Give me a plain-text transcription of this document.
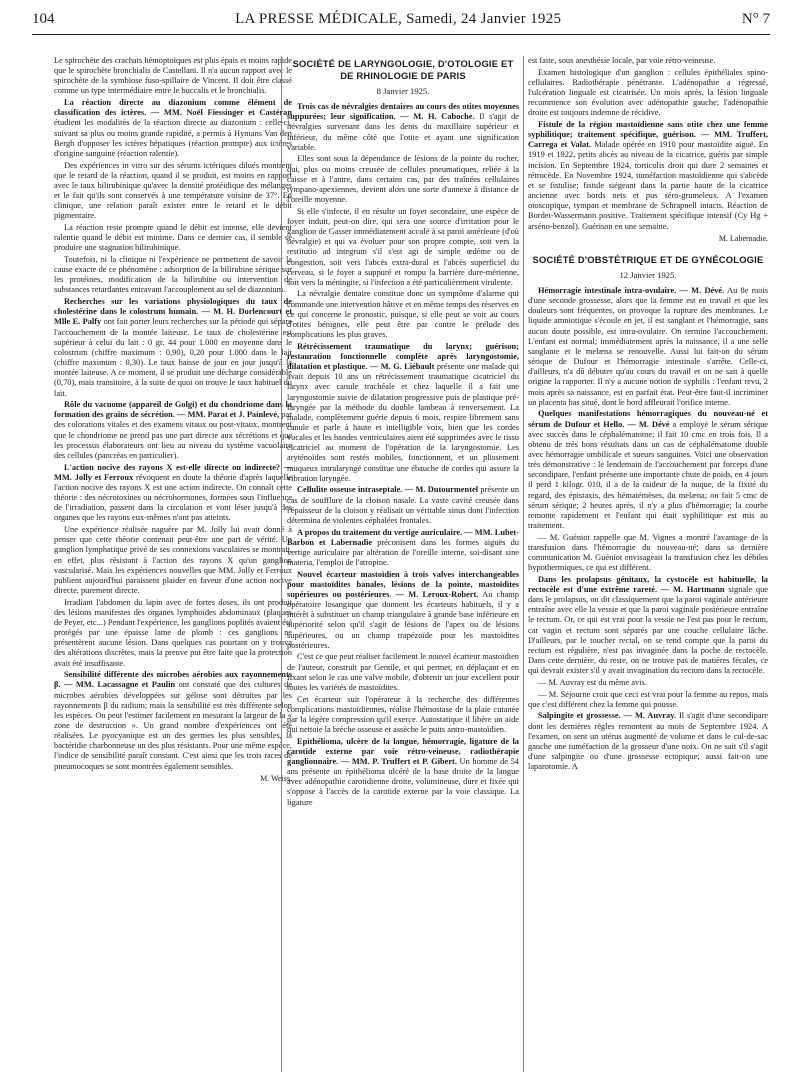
104	LA PRESSE MÉDICALE, Samedi, 24 Janvier 1925	N° 7

Le spirochète des crachats hémoptoïques est plus épais et moins rapide que le spirochète bronchialis de Castellani. Il n'a aucun rapport avec le spirochète de la symbiose fuso-spillaire de Vincent. Il doit être classé comme un type intermédiaire entre le buccalis et le bronchialis.

La réaction directe au diazonium comme élément de classification des ictères. — MM. Noël Fiessinger et Castéran étudient les modalités de la réaction directe au diazonium : celle-ci, suivant sa plus ou moins grande rapidité, a permis à Hymans Van den Bergh d'opposer les ictères hépatiques (réaction prompte) aux ictères d'origine sanguine (réaction ralentie).

Des expériences in vitro sur des sérums ictériques dilués montrent que le retard de la réaction, quand il se produit, est moins en rapport avec le taux bilirubinique qu'avec la densité protéidique des mélanges et le fait qu'ils sont conservés à une température voisine de 37°. En clinique, une relation paraît exister entre le retard et le débit pigmentaire.

La réaction reste prompte quand le débit est intense, elle devient ralentie quand le débit est minime. Dans ce dernier cas, il semble se produire une stagnation bilirubinique.

Toutefois, ni la clinique ni l'expérience ne permettent de savoir la cause exacte de ce phénomène : adsorption de la bilirubine sérique sur les protéines, modification de la bilirubine ou intervention de substances retardantes entravant l'accouplement au sel de diazonium.

Recherches sur les variations physiologiques du taux de cholestérine dans le colostrum humain. — M. H. Dorlencourt et Mlle E. Palfy ont fait porter leurs recherches sur la période qui sépare l'accouchement de la montée laiteuse. Le taux de cholestérine est supérieur à celui du lait : 0 gr. 44 pour 1.000 en moyenne dans le colostrum (chiffre maximum : 0,90), 0,20 pour 1.000 dans le lait (chiffre maximum : 0,30). Le taux baisse de jour en jour jusqu'à la montée laiteuse. A ce moment, il se produit une décharge considérable (0,70), mais transitoire, à la suite de quoi on trouve le taux habituel du lait.

Rôle du vacuome (appareil de Golgi) et du chondriome dans la formation des grains de sécrétion. — MM. Parat et J. Painlevé, par des colorations vitales et des examens vitaux ou post-vitaux, montrent que le chondriome ne prend pas une part directe aux sécrétions et que les processus élaborateurs ont lieu au niveau du système vacuolaire des cellules (pancréas en particulier).

L'action nocive des rayons X est-elle directe ou indirecte? — MM. Jolly et Ferroux révoquent en doute la théorie d'après laquelle l'action nocive des rayons X est une action indirecte. On connaît cette théorie : des nécrotoxines ou nécrohormones, formées sous l'influence de l'irradiation, passent dans la circulation et vont léser jusqu'à des organes que les rayons eux-mêmes n'ont pas atteints.

Une expérience réalisée naguère par M. Jolly lui avait donné à penser que cette théorie contenait peut-être une part de vérité. Un ganglion lymphatique privé de ses connexions vasculaires se montrait, en effet, plus résistant à l'action des rayons X qu'un ganglion vascularisé. Mais les expériences nouvelles que MM. Jolly et Ferroux publient aujourd'hui paraissent plaider en faveur d'une action nocive directe, purement directe.

Irradiant l'abdomen du lapin avec de fortes doses, ils ont produit des lésions manifestes des organes lymphoïdes abdominaux (plaques de Peyer, etc...) Pendant l'expérience, les ganglions poplités avaient été protégés par une épaisse lame de plomb : ces ganglions ne présentèrent aucune lésion. Dans quelques cas pourtant on y trouva des altérations discrètes, mais la preuve put être faite que la protection avait été insuffisante.

Sensibilité différente des microbes aérobies aux rayonnements β. — MM. Lacassagne et Paulin ont constaté que des cultures de microbes aérobies développées sur gélose sont détruites par les rayonnements β du radium; mais la sensibilité est très différente selon les espèces. On peut l'estimer facilement en mesurant la largeur de la « zone de destruction ». Un grand nombre d'expériences ont été réalisées. Le pyocyanique est un des germes les plus sensibles, la bactéridie charbonneuse un des plus résistants. Pour une même espèce, l'indice de sensibilité paraît constant. C'est ainsi que les trois races de pneumocoques se sont montrées également sensibles.

M. Weiss.
SOCIÉTÉ DE LARYNGOLOGIE, D'OTOLOGIE ET DE RHINOLOGIE DE PARIS
8 Janvier 1925.

Trois cas de névralgies dentaires au cours des otites moyennes suppurées; leur signification. — M. H. Caboche. Il s'agit de névralgies survenant dans les dents du maxillaire supérieur et inférieur, du même côté que l'otite et ayant une signification variable.

Elles sont sous la dépendance de lésions de la pointe du rocher, qui, plus ou moins creusée de cellules pneumatiques, reliée à la caisse et à l'antre, dans certains cas, par des traînées cellulaires tympano-apexiennes, devient alors une sorte d'annexe à distance de l'oreille moyenne.

Si elle s'infecte, il en résulte un foyer secondaire, une espèce de foyer induit, peut-on dire, qui sera une source d'irritation pour le ganglion de Gasser immédiatement accolé à sa paroi antérieure (d'où névralgie) et qui va évoluer pour son propre compte, soit vers la restitutio ad integrum s'il s'est agi de simple œdème ou de congestion, soit vers l'abcès extra-dural et l'abcès superficiel du cerveau, si le foyer a suppuré et rompu la barrière dure-mérienne, soit vers la méningite, si l'infection a été particulièrement virulente.

La névralgie dentaire constitue donc un symptôme d'alarme qui commande une intervention hâtive et en même temps des réserves en ce qui concerne le pronostic, puisque, si elle peut se voir au cours d'otites bénignes, elle peut être par contre le prélude des complications les plus graves.

Rétrécissement traumatique du larynx; guérison; restauration fonctionnelle complète après laryngostomie, dilatation et plastique. — M. G. Liébault présente une malade qui avait depuis 10 ans un rétrécissement traumatique cicatriciel du larynx avec canule trachéale et chez laquelle il a fait une laryngostomie suivie de dilatation progressive puis de plastique pré-laryngée par la méthode du double lambeau à renversement. La malade, complètement guérie depuis 6 mois, respire librement sans canule et parle à haute et intelligible voix, bien que les cordes vocales et les bandes ventriculaires aient été supprimées avec le tissu cicatriciel au moment de l'opération de la laryngostomie. Les aryténoïdes sont restés mobiles, fonctionnent, et un plissement muqueux intralaryngé constitue une ébauche de cordes qui assure la vibration laryngée.

Cellulite osseuse intraseptale. — M. Dutourmentel présente un cas de soufflure de la cloison nasale. La vaste cavité creusée dans l'épaisseur de la cloison y réalisait un véritable sinus dont l'infection détermina de violentes céphalées frontales.

A propos du traitement du vertige auriculaire. — MM. Lubet-Barbon et Labernadie préconisent dans les formes aiguës du vertige auriculaire par altération de l'oreille interne, soi-disant sine materia, l'emploi de l'atropine.

Nouvel écarteur mastoïdien à trois valves interchangeables pour mastoïdites banales, lésions de la pointe, mastoïdites supérieures ou postérieures. — M. Leroux-Robert. Au champ opératoire losangique que donnent les écarteurs habituels, il y a intérêt à substituer un champ triangulaire à grande base inférieure en supériorité selon qu'il s'agit de lésions de l'apex ou de lésions supérieures, ou un champ trapézoïde pour les mastoïdites postérieures.

C'est ce que peut réaliser facilement le nouvel écarteur mastoïdien de l'auteur, construit par Gentile, et qui permet, en déplaçant et en fixant selon le cas une valve mobile, d'obtenir un jour excellent pour toutes les variétés de mastoïdites.

Cet écarteur suit l'opérateur à la recherche des différentes complications mastoïdiennes, réalise l'hémostase de la plaie cutanée par la légère compression qu'il exerce. Autostatique il libère un aide qui nettoie la brèche osseuse et assèche le puits antro-mastoïdien.

Epithélioma, ulcère de la langue, hémorragie, ligature de la carotide externe par voie rétro-veineuse, radiothérapie ganglionnaire. — MM. P. Truffert et P. Gibert. Un homme de 54 ans présente un épithélioma ulcéré de la base droite de la langue avec adénopathie carotidienne droite, volumineuse, dure et fixée qui s'oppose à l'accès de la carotide externe par la voie classique. La ligature

est faite, sous anesthésie locale, par voie rétro-veineuse.

Examen histologique d'un ganglion : cellules épithéliales spino-cellulaires. Radiothérapie pénétrante. L'adénopathie a régressé, l'ulcération linguale est cicatrisée. Un mois après, la lésion linguale recommence son évolution avec adénopathie gauche; l'adénopathie droite est toujours indemne de récidive.

Fistule de la région mastoïdienne sans otite chez une femme syphilitique; traitement spécifique, guérison. — MM. Truffert, Carrega et Valat. Malade opérée en 1910 pour mastoïdite aiguë. En 1919 et 1922, petits abcès au niveau de la cicatrice, guéris par simple incision. En Septembre 1924, torticolis droit qui dure 2 semaines et rétrocède. En Novembre 1924, tuméfaction mastoïdienne qui s'abcède et se fistulise; fistule siégeant dans la partie haute de la cicatrice ancienne avec bords nets et pus séro-grumeleux. A l'examen otoscopique, tympan et membrane de Schrapnell intacts. Réaction de Bordet-Wassermann positive. Traitement spécifique intensif (Cy Hg + arséno-benzol). Guérison en une semaine.

M. Labernadie.
SOCIÉTÉ D'OBSTÉTRIQUE ET DE GYNÉCOLOGIE
12 Janvier 1925.

Hémorragie intestinale intra-ovulaire. — M. Dévé. Au 8e mois d'une seconde grossesse, alors que la femme est en travail et que les douleurs sont fréquentes, on provoque la rupture des membranes. Le liquide amniotique s'écoule en jet, il est sanglant et l'hémorragie, sans aucun doute possible, est intra-ovulaire. On termine l'accouchement. L'enfant est normal; immédiatement après la naissance, il a une selle sanglante et le melæna se renouvelle. Aussi lui fait-on du sérum sérique de Dufour et l'hémorragie intestinale s'arrête. Celle-ci, d'ailleurs, n'a dû débuter qu'au cours du travail et on ne sait à quelle origine la rapporter. Il n'y a aucune notion de syphilis : l'enfant revu, 2 mois après sa naissance, est en parfait état. Peut-être faut-il incriminer un placenta bas situé, dont le bord affleurait l'orifice interne.

Quelques manifestations hémorragiques du nouveau-né et sérum de Dufour et Hello. — M. Dévé a employé le sérum sérique avec succès dans le céphalématome; il fait 10 cmc en trois fois. Il a obtenu de très bons résultats dans un cas de céphalématome double avec hémorragie ombilicale et sueurs sanguines. Voici une observation très démonstrative : le lendemain de l'accouchement par forceps d'une secondipare, l'enfant présente une importante chute de poids, en 4 jours il perd 1 kilogr. 010, il a de la raideur de la nuque, de la fixité du regard, des épistaxis, des hématémèses, du melæna; on fait 5 cmc de sérum sérique; 2 heures après, il n'y a plus d'hémorragie; la courbe remonte rapidement et l'enfant qui était syphilitique est mis au traitement.

— M. Guéniot rappelle que M. Vignes a montré l'avantage de la transfusion dans l'hémorragie du nouveau-né; dans sa dernière communication M. Guéniot envisageait la transfusion chez les débiles hypothermiques, ce qui est différent.

Dans les prolapsus génitaux, la cystocèle est habituelle, la rectocèle est d'une extrême rareté. — M. Hartmann signale que dans le prolapsus, on dit classiquement que la paroi vaginale antérieure entraîne avec elle la vessie et que la paroi vaginale postérieure entraîne le rectum. Or, ce qui est vrai pour la vessie ne l'est pas pour le rectum, car vagin et rectum sont séparés par une couche cellulaire lâche. D'ailleurs, par le toucher rectal, on se rend compte que la paroi du rectum est régulière, n'est pas invaginée dans la poche de rectocèle. Dans cette dernière, du reste, on ne trouve pas de matières fécales, ce qui devrait exister s'il y avait invagination du rectum dans la rectocèle.

— M. Auvray est du même avis.

— M. Séjourne croit que ceci est vrai pour la femme au repos, mais que c'est différent chez la femme qui pousse.

Salpingite et grossesse. — M. Auvray. Il s'agit d'une secondipare dont les dernières règles remontent au mois de Septembre 1924. A l'examen, on sent un utérus augmenté de volume et dans le cul-de-sac gauche une tuméfaction de la grosseur d'une noix. On ne sait s'il s'agit d'une salpingite ou d'une grossesse ectopique; aussi fait-on une laparotomie. A
